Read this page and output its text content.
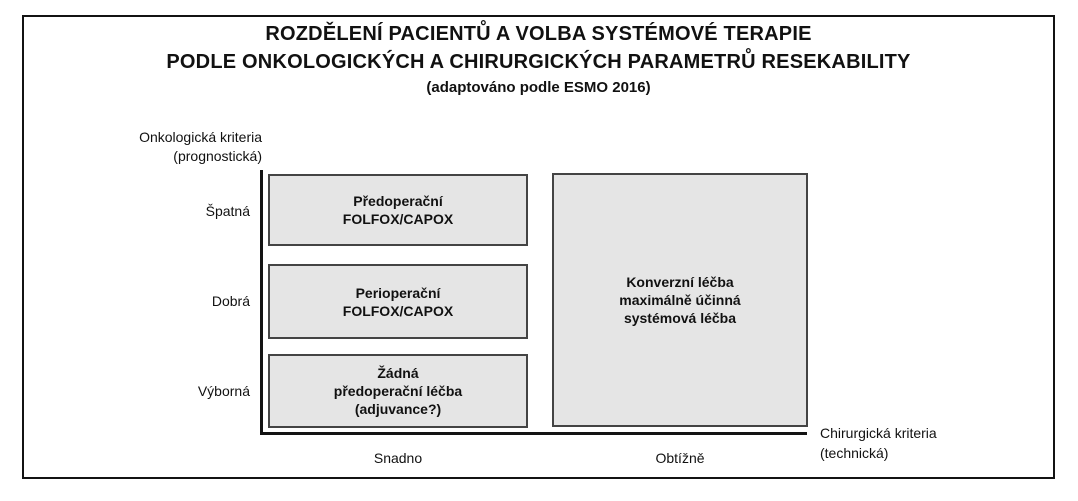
ROZDĚLENÍ PACIENTŮ A VOLBA SYSTÉMOVÉ TERAPIE
PODLE ONKOLOGICKÝCH A CHIRURGICKÝCH PARAMETRŮ RESEKABILITY
(adaptováno podle ESMO 2016)
Onkologická kriteria
(prognostická)
Špatná
Dobrá
Výborná
Předoperační
FOLFOX/CAPOX
Perioperační
FOLFOX/CAPOX
Žádná
předoperační léčba
(adjuvance?)
Konverzní léčba
maximálně účinná
systémová léčba
Snadno	Obtížně
Chirurgická kriteria
(technická)
